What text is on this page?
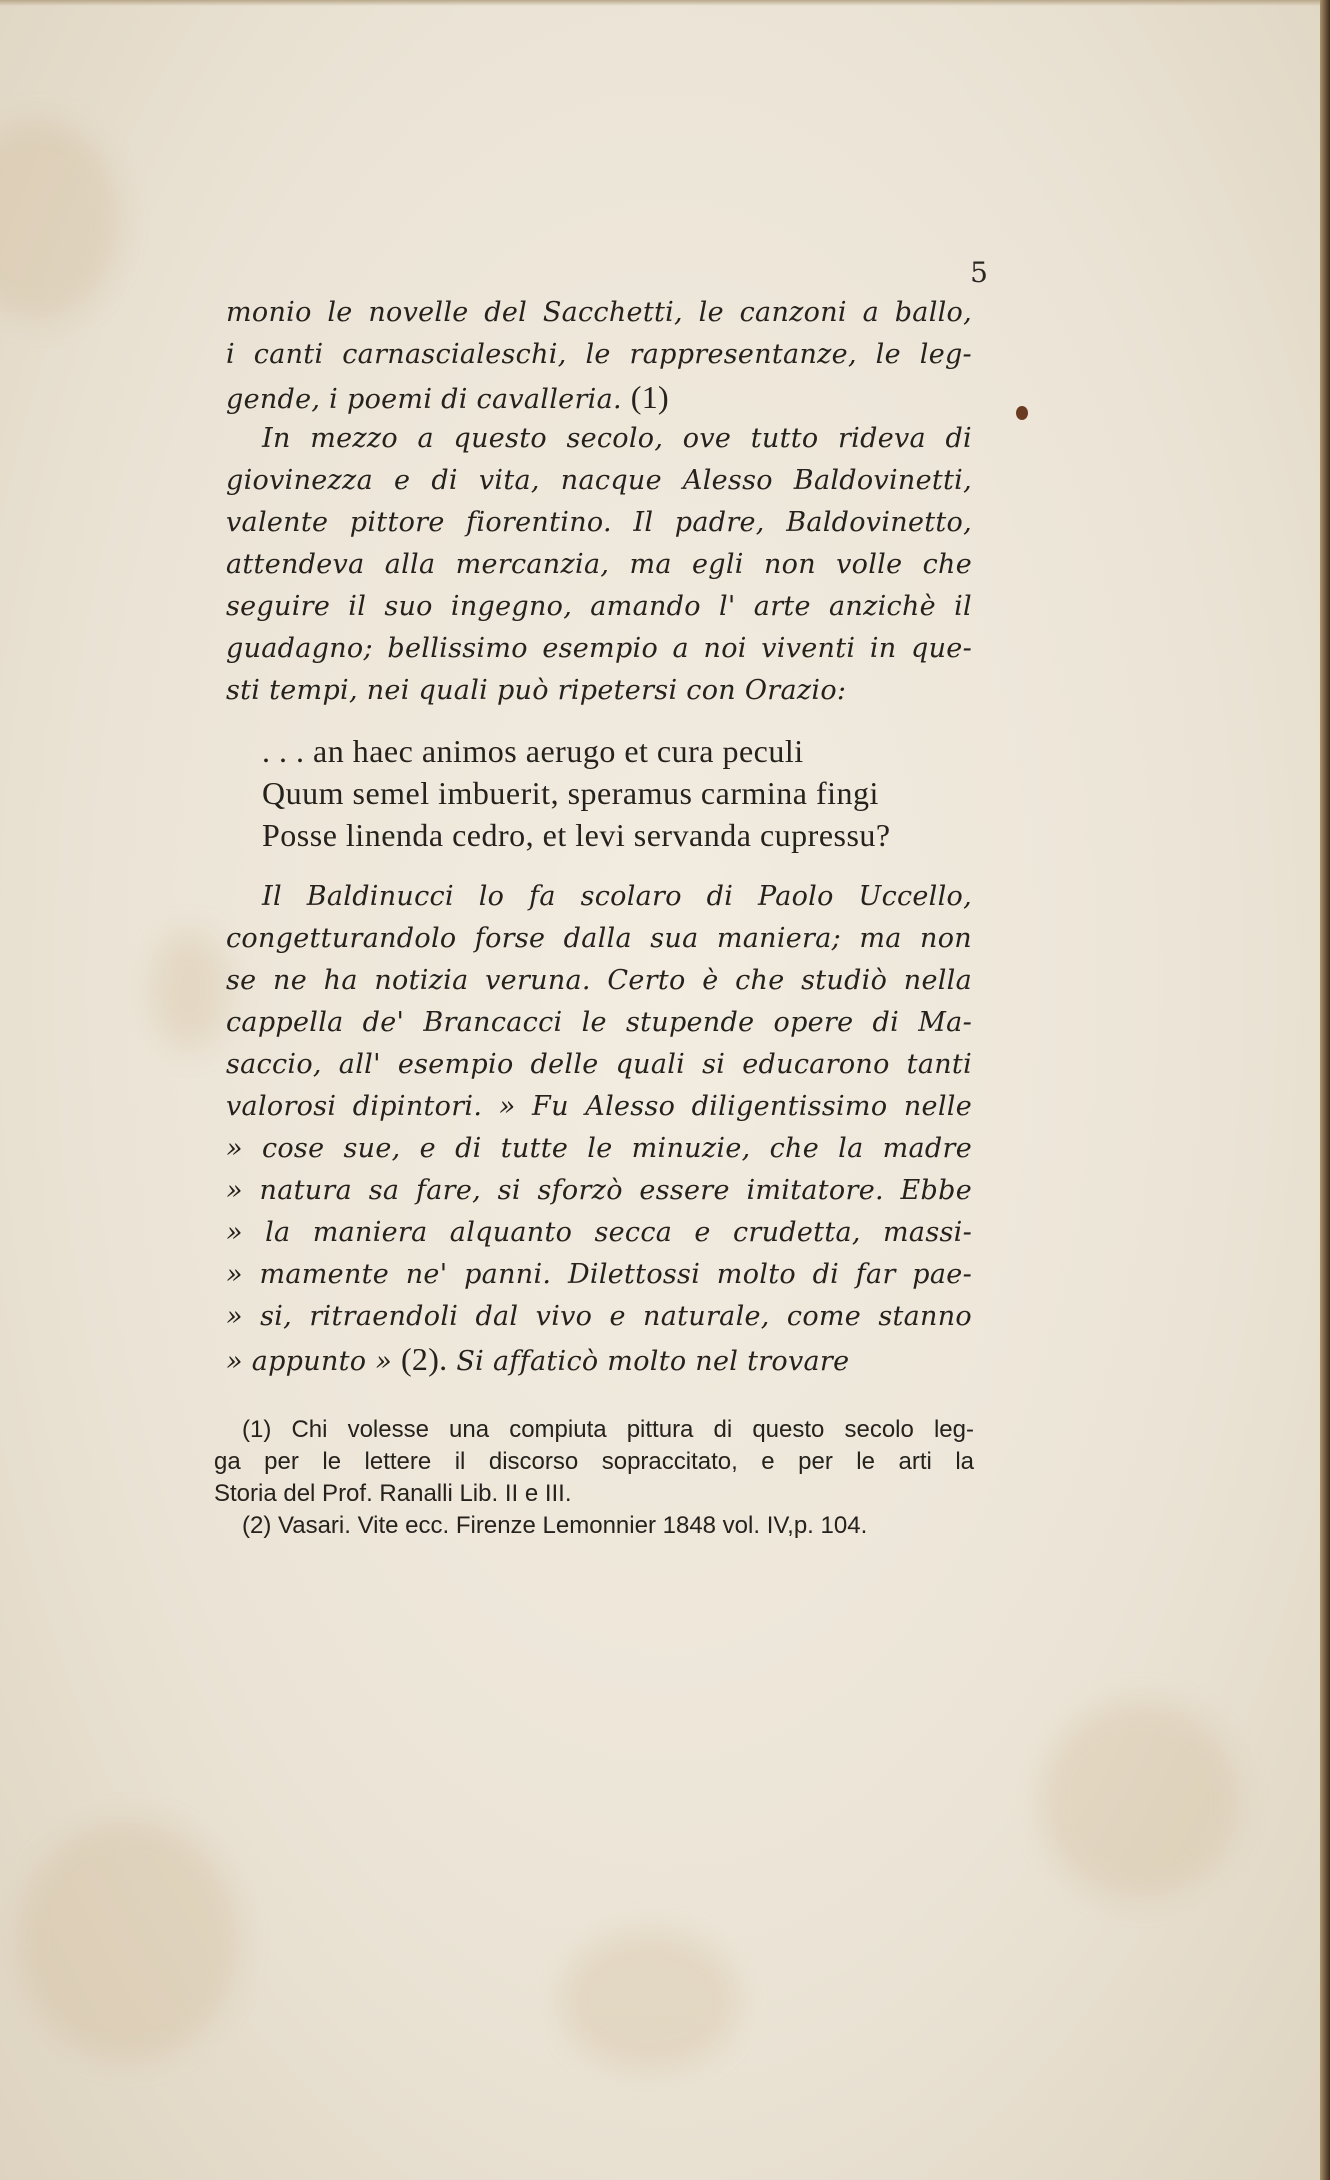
5
monio le novelle del Sacchetti, le canzoni a ballo,
i canti carnascialeschi, le rappresentanze, le leg-
gende, i poemi di cavalleria. (1)
In mezzo a questo secolo, ove tutto rideva di
giovinezza e di vita, nacque Alesso Baldovinetti,
valente pittore fiorentino. Il padre, Baldovinetto,
attendeva alla mercanzia, ma egli non volle che
seguire il suo ingegno, amando l' arte anzichè il
guadagno; bellissimo esempio a noi viventi in que-
sti tempi, nei quali può ripetersi con Orazio:
. . . an haec animos aerugo et cura peculi
Quum semel imbuerit, speramus carmina fingi
Posse linenda cedro, et levi servanda cupressu?
Il Baldinucci lo fa scolaro di Paolo Uccello,
congetturandolo forse dalla sua maniera; ma non
se ne ha notizia veruna. Certo è che studiò nella
cappella de' Brancacci le stupende opere di Ma-
saccio, all' esempio delle quali si educarono tanti
valorosi dipintori. » Fu Alesso diligentissimo nelle
» cose sue, e di tutte le minuzie, che la madre
» natura sa fare, si sforzò essere imitatore. Ebbe
» la maniera alquanto secca e crudetta, massi-
» mamente ne' panni. Dilettossi molto di far pae-
» si, ritraendoli dal vivo e naturale, come stanno
» appunto » (2). Si affaticò molto nel trovare
(1) Chi volesse una compiuta pittura di questo secolo leg-
ga per le lettere il discorso sopraccitato, e per le arti la
Storia del Prof. Ranalli Lib. II e III.
(2) Vasari. Vite ecc. Firenze Lemonnier 1848 vol. IV,p. 104.
